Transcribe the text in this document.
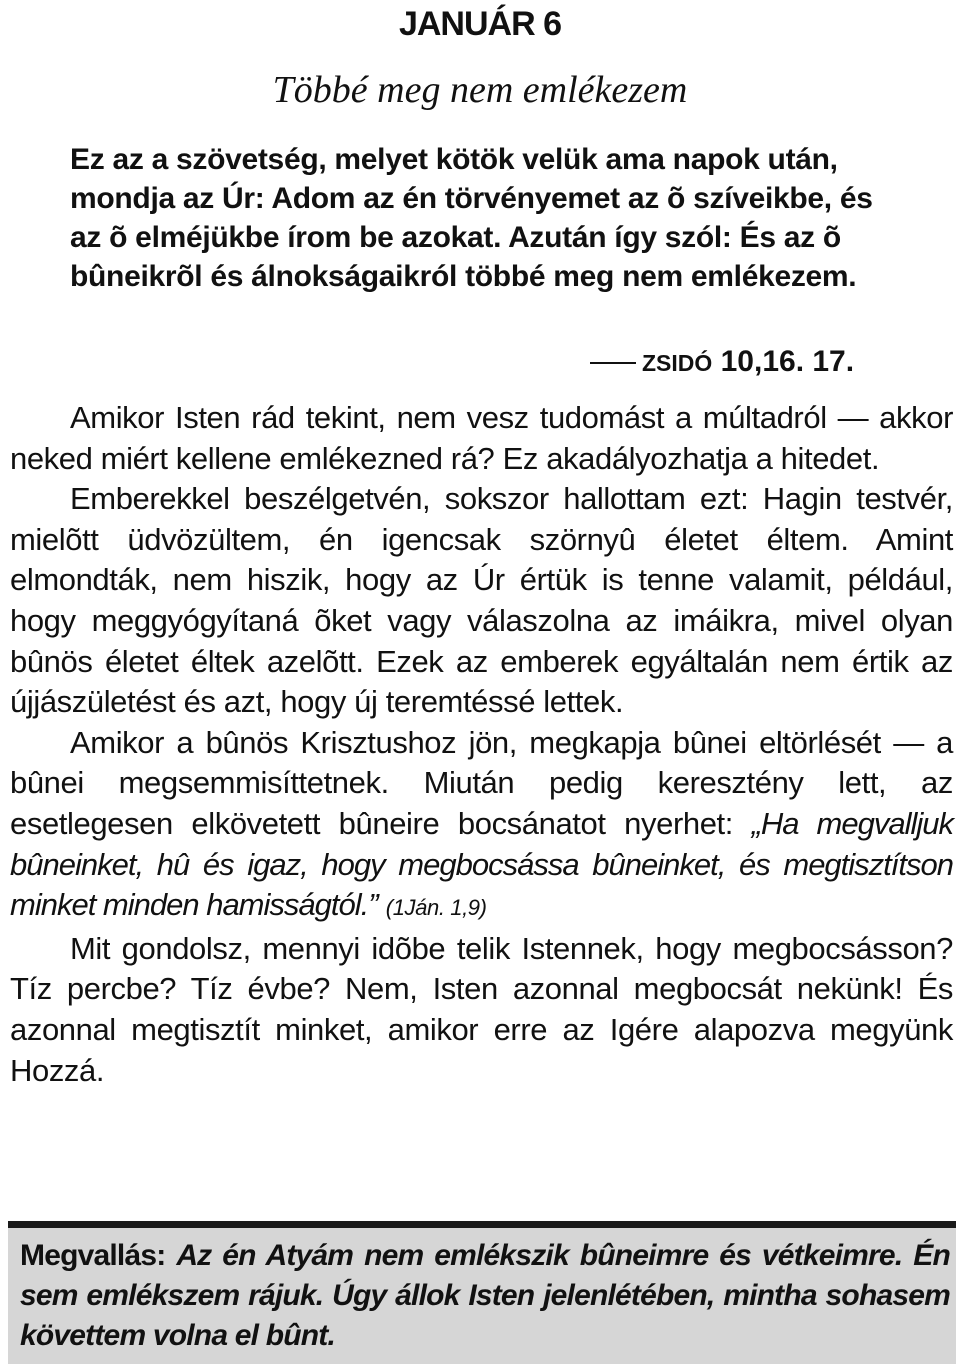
JANUÁR 6
Többé meg nem emlékezem
Ez az a szövetség, melyet kötök velük ama napok után, mondja az Úr: Adom az én törvényemet az õ szíveikbe, és az õ elméjükbe írom be azokat. Azután így szól: És az õ bûneikrõl és álnokságaikról többé meg nem emlékezem.
ZSIDÓ 10,16. 17.

Amikor Isten rád tekint, nem vesz tudomást a múltadról — akkor neked miért kellene emlékezned rá? Ez akadályozhatja a hitedet.

Emberekkel beszélgetvén, sokszor hallottam ezt: Hagin testvér, mielõtt üdvözültem, én igencsak szörnyû életet éltem. Amint elmondták, nem hiszik, hogy az Úr értük is tenne valamit, például, hogy meggyógyítaná õket vagy válaszolna az imáikra, mivel olyan bûnös életet éltek azelõtt. Ezek az emberek egyáltalán nem értik az újjászületést és azt, hogy új teremtéssé lettek.

Amikor a bûnös Krisztushoz jön, megkapja bûnei eltörlését — a bûnei megsemmisíttetnek. Miután pedig keresztény lett, az esetlegesen elkövetett bûneire bocsánatot nyerhet: „Ha megvalljuk bûneinket, hû és igaz, hogy megbocsássa bûneinket, és megtisztítson minket minden hamisságtól.” (1Ján. 1,9)

Mit gondolsz, mennyi idõbe telik Istennek, hogy megbocsásson? Tíz percbe? Tíz évbe? Nem, Isten azonnal megbocsát nekünk! És azonnal megtisztít minket, amikor erre az Igére alapozva megyünk Hozzá.

Megvallás: Az én Atyám nem emlékszik bûneimre és vétkeimre. Én sem emlékszem rájuk. Úgy állok Isten jelenlétében, mintha sohasem követtem volna el bûnt.
